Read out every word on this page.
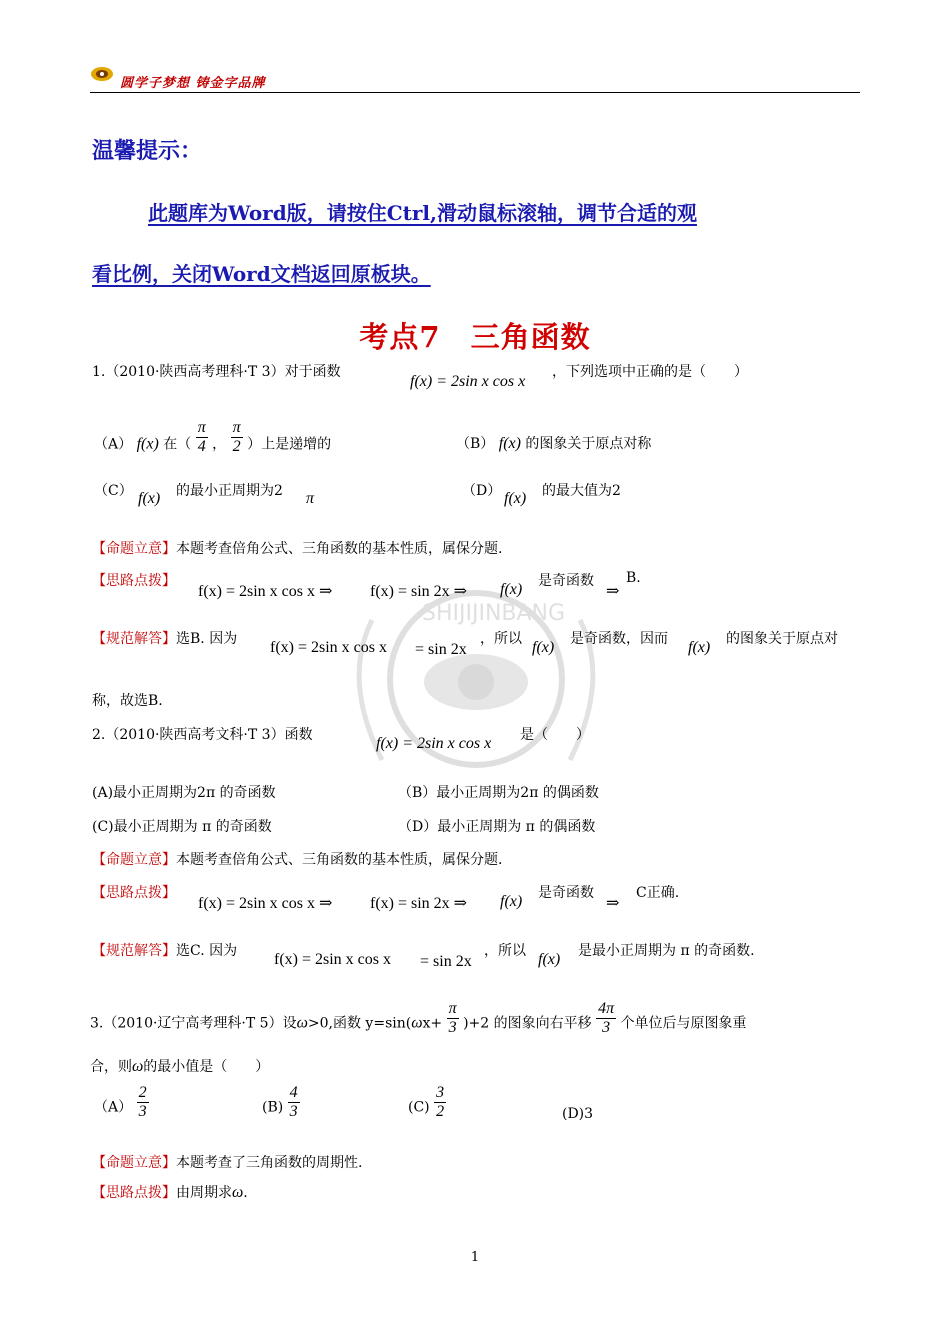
圆学子梦想 铸金字品牌
SHIJIJINBANG
温馨提示：
此题库为Word版，请按住Ctrl,滑动鼠标滚轴，调节合适的观
看比例，关闭Word文档返回原板块。
考点7　三角函数
1.（2010·陕西高考理科·T 3）对于函数
f(x) = 2sin x cos x
，下列选项中正确的是（　　）
（A） f(x) 在（ $\frac{\pi}{4}$ ， $\frac{\pi}{2}$ ）上是递增的	（B） f(x) 的图象关于原点对称
（C） f(x) 的最小正周期为2 π	（D） f(x) 的最大值为2
【命题立意】本题考查倍角公式、三角函数的基本性质，属保分题.
【思路点拨】
f(x) = 2sin x cos x ⇒ f(x) = sin 2x ⇒ f(x) 是奇函数
⇒
B.
【规范解答】选B. 因为 f(x) = 2sin x cos x = sin 2x
，所以 f(x) 是奇函数，因而 f(x) 的图象关于原点对
称，故选B.
2.（2010·陕西高考文科·T 3）函数	f(x) = 2sin x cos x 是（　　）
(A)最小正周期为2π 的奇函数	（B）最小正周期为2π 的偶函数
(C)最小正周期为 π 的奇函数	（D）最小正周期为 π 的偶函数
【命题立意】本题考查倍角公式、三角函数的基本性质，属保分题.
【思路点拨】
f(x) = 2sin x cos x ⇒ f(x) = sin 2x ⇒ f(x) 是奇函数
⇒
C正确.
【规范解答】选C. 因为 f(x) = 2sin x cos x = sin 2x
，所以 f(x) 是最小正周期为 π 的奇函数.
3.（2010·辽宁高考理科·T 5）设ω>0,函数 $y=\sin(\omega x+ \frac{\pi}{3} )+2$ 的图象向右平移 $\frac{4\pi}{3}$ 个单位后与原图象重
合，则ω的最小值是（　　）
$(A) \frac{2}{3}$	$(B) \frac{4}{3}$	$(C) \frac{3}{2}$	(D)3
【命题立意】本题考查了三角函数的周期性.
【思路点拨】由周期求ω.
1
